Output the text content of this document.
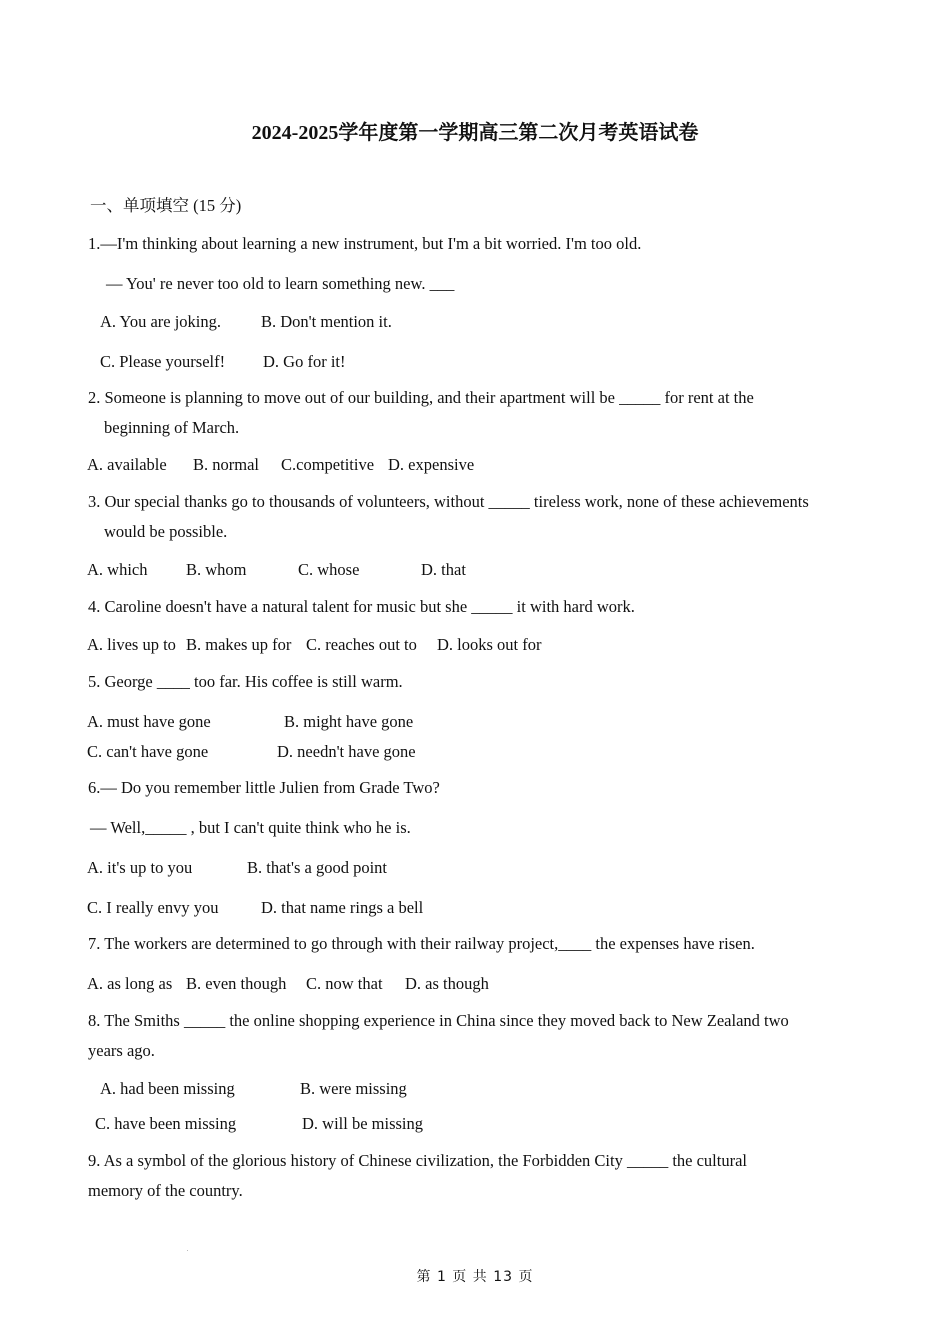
2024-2025学年度第一学期高三第二次月考英语试卷
一、单项填空 (15 分)
1.—I'm thinking about learning a new instrument, but I'm a bit worried. I'm too old.
— You' re never too old to learn something new. ___
A. You are joking. B. Don't mention it.
C. Please yourself! D. Go for it!
2. Someone is planning to move out of our building, and their apartment will be _____ for rent at the
beginning of March.
A. available B. normal C.competitive D. expensive
3. Our special thanks go to thousands of volunteers, without _____ tireless work, none of these achievements
would be possible.
A. which B. whom	C. whose	D. that
4. Caroline doesn't have a natural talent for music but she _____ it with hard work.
A. lives up to B. makes up for C. reaches out to D. looks out for
5. George ____ too far. His coffee is still warm.
A. must have gone	B. might have gone
C. can't have gone	D. needn't have gone
6.— Do you remember little Julien from Grade Two?
— Well,_____ , but I can't quite think who he is.
A. it's up to you	B. that's a good point
C. I really envy you	D. that name rings a bell
7. The workers are determined to go through with their railway project,____ the expenses have risen.
A. as long as B. even though C. now that D. as though
8. The Smiths _____ the online shopping experience in China since they moved back to New Zealand two
years ago.
A. had been missing	B. were missing
C. have been missing	D. will be missing
9. As a symbol of the glorious history of Chinese civilization, the Forbidden City _____ the cultural
memory of the country.
第 1 页 共 13 页
